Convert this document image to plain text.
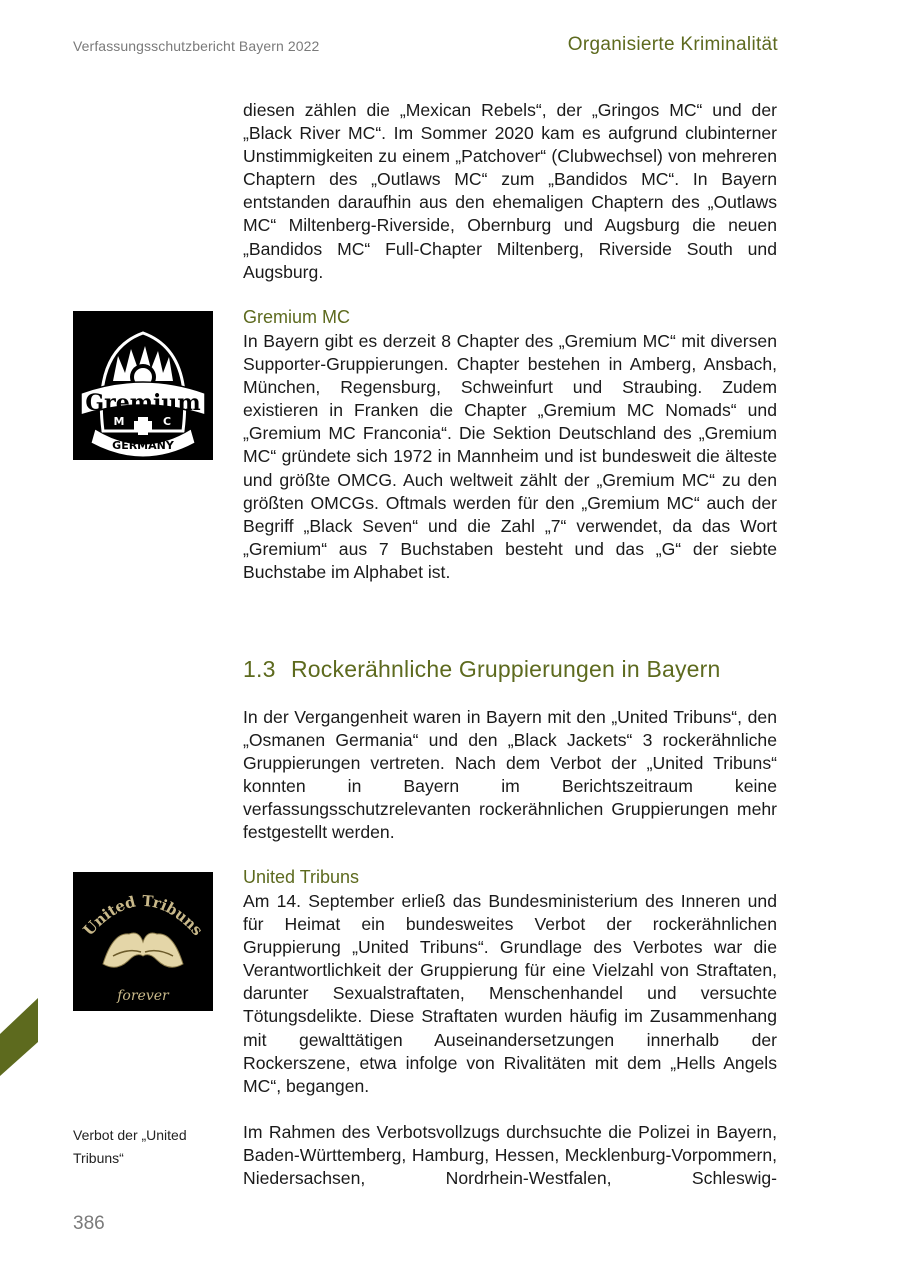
Verfassungsschutzbericht Bayern 2022	Organisierte Kriminalität

diesen zählen die „Mexican Rebels“, der „Gringos MC“ und der „Black River MC“. Im Sommer 2020 kam es aufgrund clubinterner Unstimmigkeiten zu einem „Patchover“ (Clubwechsel) von mehreren Chaptern des „Outlaws MC“ zum „Bandidos MC“. In Bayern entstanden daraufhin aus den ehemaligen Chaptern des „Outlaws MC“ Miltenberg-Riverside, Obernburg und Augsburg die neuen „Bandidos MC“ Full-Chapter Miltenberg, Riverside South und Augsburg.

Gremium
M	C
GERMANY
Gremium MC

In Bayern gibt es derzeit 8 Chapter des „Gremium MC“ mit diversen Supporter-Gruppierungen. Chapter bestehen in Amberg, Ansbach, München, Regensburg, Schweinfurt und Straubing. Zudem existieren in Franken die Chapter „Gremium MC Nomads“ und „Gremium MC Franconia“. Die Sektion Deutschland des „Gremium MC“ gründete sich 1972 in Mannheim und ist bundesweit die älteste und größte OMCG. Auch weltweit zählt der „Gremium MC“ zu den größten OMCGs. Oftmals werden für den „Gremium MC“ auch der Begriff „Black Seven“ und die Zahl „7“ verwendet, da das Wort „Gremium“ aus 7 Buchstaben besteht und das „G“ der siebte Buchstabe im Alphabet ist.

1.3 Rockerähnliche Gruppierungen in Bayern

In der Vergangenheit waren in Bayern mit den „United Tribuns“, den „Osmanen Germania“ und den „Black Jackets“ 3 rockerähnliche Gruppierungen vertreten. Nach dem Verbot der „United Tribuns“ konnten in Bayern im Berichtszeitraum keine verfassungsschutzrelevanten rockerähnlichen Gruppierungen mehr festgestellt werden.

United Tribuns
forever
United Tribuns

Am 14. September erließ das Bundesministerium des Inneren und für Heimat ein bundesweites Verbot der rockerähnlichen Gruppierung „United Tribuns“. Grundlage des Verbotes war die Verantwortlichkeit der Gruppierung für eine Vielzahl von Straftaten, darunter Sexualstraftaten, Menschenhandel und versuchte Tötungsdelikte. Diese Straftaten wurden häufig im Zusammenhang mit gewalttätigen Auseinandersetzungen innerhalb der Rockerszene, etwa infolge von Rivalitäten mit dem „Hells Angels MC“, begangen.

Verbot der „United Tribuns“

Im Rahmen des Verbotsvollzugs durchsuchte die Polizei in Bayern, Baden-Württemberg, Hamburg, Hessen, Mecklenburg-Vorpommern, Niedersachsen, Nordrhein-Westfalen, Schleswig-

386
